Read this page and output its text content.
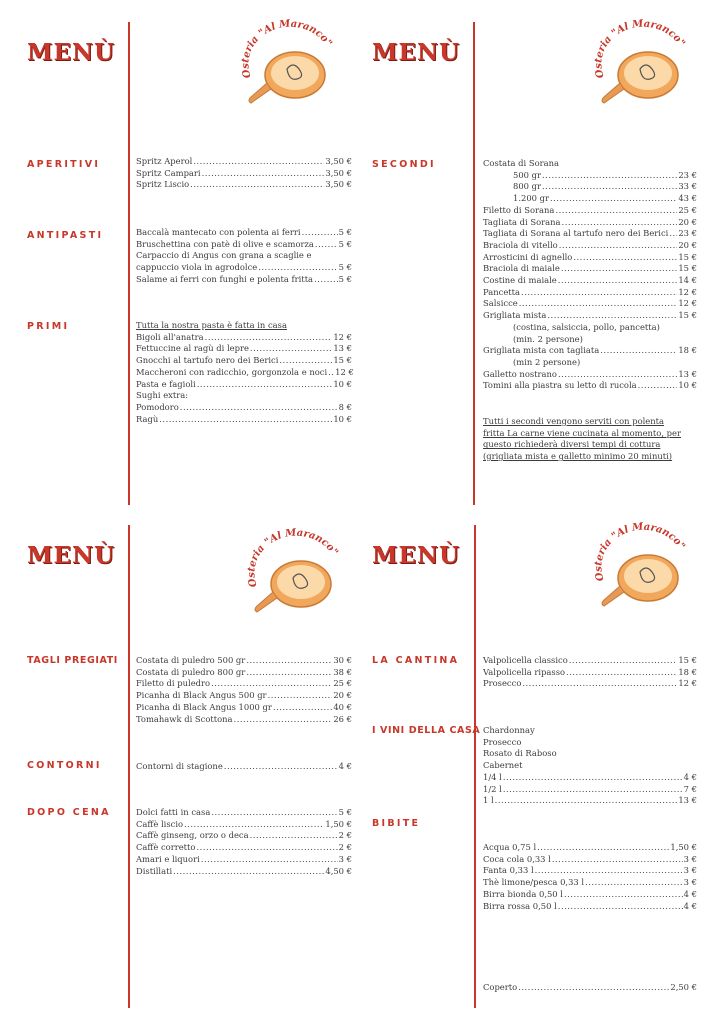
MENÙ
Osteria "Al Maranco"
APERITIVI	Spritz Aperol .....	3,50 €
Spritz Campari .....	3,50 €
Spritz Liscio .....	3,50 €
ANTIPASTI	Baccalà mantecato con polenta ai ferri .....	5 €
Bruschettina con patè di olive e scamorza .....	5 €
Carpaccio di Angus con grana a scaglie e
cappuccio viola in agrodolce .....	5 €
Salame ai ferri con funghi e polenta fritta .....	5 €
PRIMI	Tutta la nostra pasta è fatta in casa
Bigoli all'anatra .....	12 €
Fettuccine al ragù di lepre .....	13 €
Gnocchi al tartufo nero dei Berici .....	15 €
Maccheroni con radicchio, gorgonzola e noci ..... 12 €
Pasta e fagioli .....	10 €
Sughi extra:
Pomodoro .....	8 €
Ragù .....	10 €
MENÙ
Osteria "Al Maranco"
SECONDI	Costata di Sorana
500 gr .....	23 €
800 gr .....	33 €
1.200 gr .....	43 €
Filetto di Sorana .....	25 €
Tagliata di Sorana .....	20 €
Tagliata di Sorana al tartufo nero dei Berici ..... 23 €
Braciola di vitello .....	20 €
Arrosticini di agnello .....	15 €
Braciola di maiale .....	15 €
Costine di maiale .....	14 €
Pancetta .....	12 €
Salsicce .....	12 €
Grigliata mista .....	15 €
(costina, salsiccia, pollo, pancetta)
(min. 2 persone)
Grigliata mista con tagliata .....	18 €
(min 2 persone)
Galletto nostrano .....	13 €
Tomini alla piastra su letto di rucola .....	10 €
Tutti i secondi vengono serviti con polenta fritta La carne viene cucinata al momento, per questo richiederà diversi tempi di cottura (grigliata mista e galletto minimo 20 minuti)
MENÙ
Osteria "Al Maranco"
TAGLI PREGIATI Costata di puledro 500 gr .....	30 €
Costata di puledro 800 gr .....	38 €
Filetto di puledro .....	25 €
Picanha di Black Angus 500 gr .....	20 €
Picanha di Black Angus 1000 gr .....	40 €
Tomahawk di Scottona .....	26 €
CONTORNI	Contorni di stagione .....	4 €
DOPO CENA	Dolci fatti in casa .....	5 €
Caffè liscio .....	1,50 €
Caffè ginseng, orzo o deca .....	2 €
Caffè corretto .....	2 €
Amari e liquori .....	3 €
Distillati .....	4,50 €
MENÙ
Osteria "Al Maranco"
LA CANTINA	Valpolicella classico .....	15 €
Valpolicella ripasso .....	18 €
Prosecco .....	12 €
I VINI DELLA CASA Chardonnay
Prosecco
Rosato di Raboso
Cabernet
1/4 l .....	4 €
1/2 l .....	7 €
1 l .....	13 €
BIBITE
Acqua 0,75 l .....	1,50 €
Coca cola 0,33 l .....	3 €
Fanta 0,33 l .....	3 €
Thè limone/pesca 0,33 l .....	3 €
Birra bionda 0,50 l .....	4 €
Birra rossa 0,50 l .....	4 €
Coperto .....	2,50 €
